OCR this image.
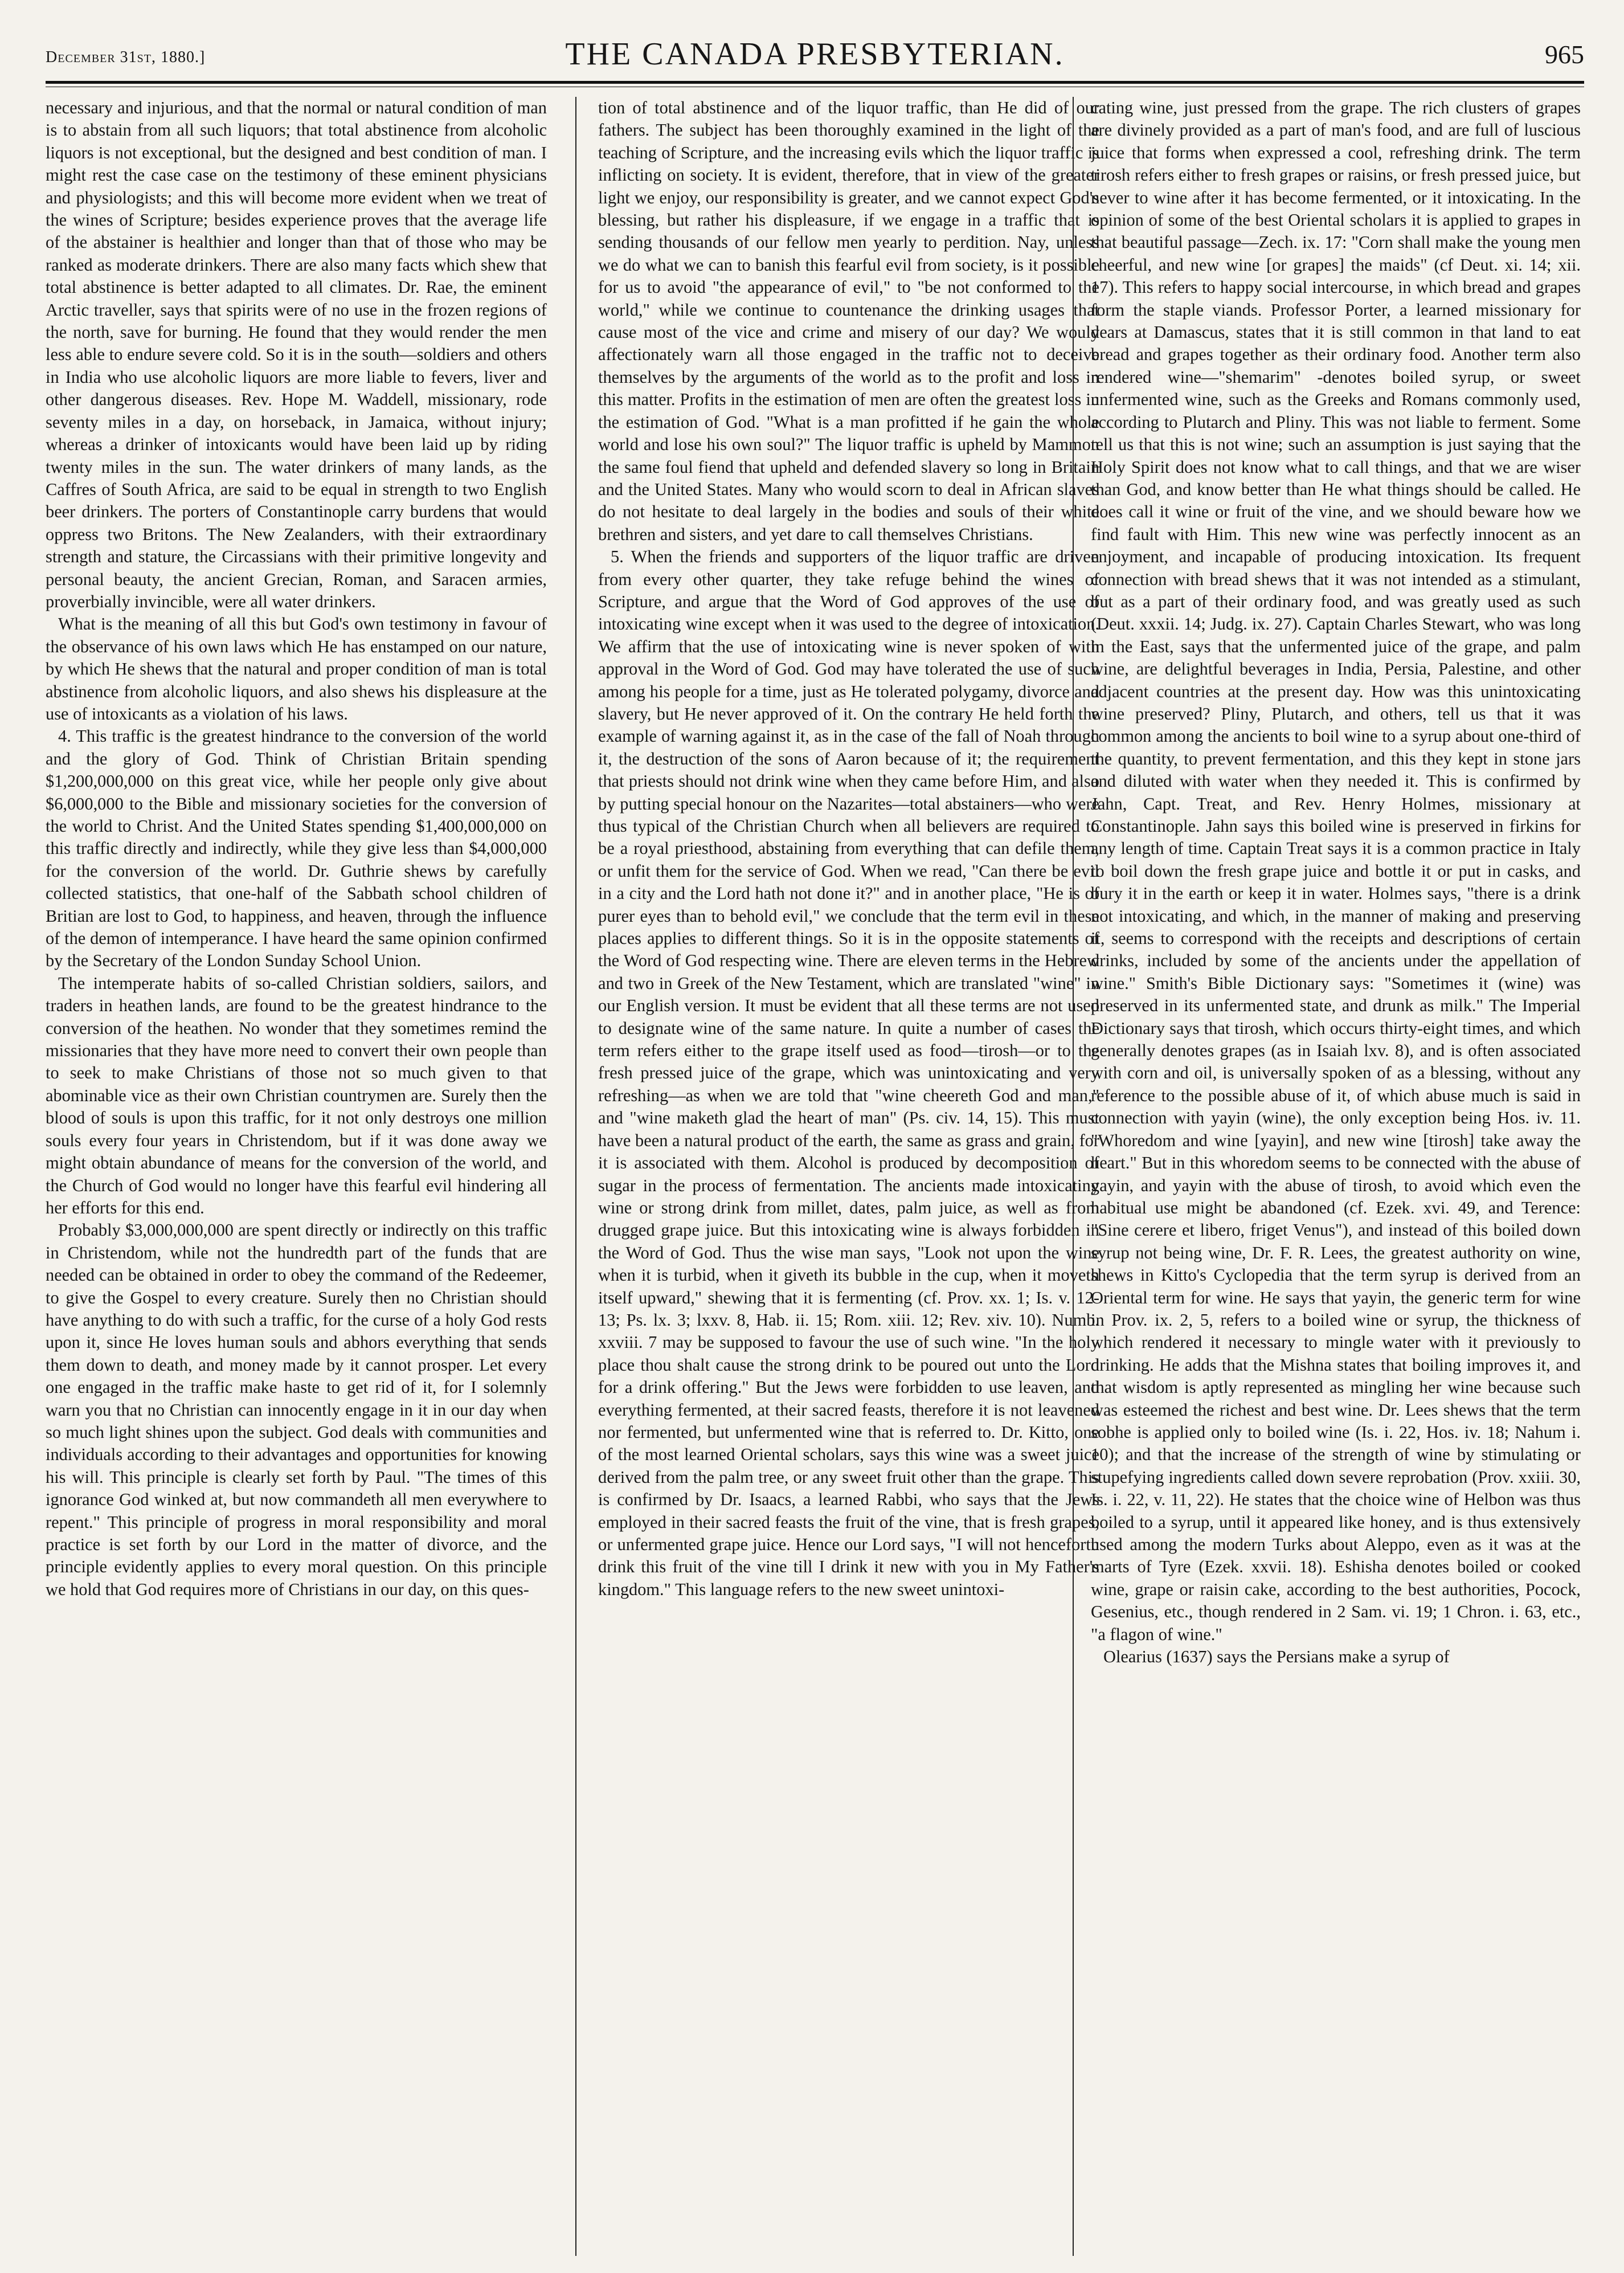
December 31st, 1880.]	THE CANADA PRESBYTERIAN.	965

necessary and injurious, and that the normal or natural condition of man is to abstain from all such liquors; that total abstinence from alcoholic liquors is not exceptional, but the designed and best condition of man. I might rest the case case on the testimony of these eminent physicians and physiologists; and this will become more evident when we treat of the wines of Scripture; besides experience proves that the average life of the abstainer is healthier and longer than that of those who may be ranked as moderate drinkers. There are also many facts which shew that total abstinence is better adapted to all climates. Dr. Rae, the eminent Arctic traveller, says that spirits were of no use in the frozen regions of the north, save for burning. He found that they would render the men less able to endure severe cold. So it is in the south—soldiers and others in India who use alcoholic liquors are more liable to fevers, liver and other dangerous diseases. Rev. Hope M. Waddell, missionary, rode seventy miles in a day, on horseback, in Jamaica, without injury; whereas a drinker of intoxicants would have been laid up by riding twenty miles in the sun. The water drinkers of many lands, as the Caffres of South Africa, are said to be equal in strength to two English beer drinkers. The porters of Constantinople carry burdens that would oppress two Britons. The New Zealanders, with their extraordinary strength and stature, the Circassians with their primitive longevity and personal beauty, the ancient Grecian, Roman, and Saracen armies, proverbially invincible, were all water drinkers.

What is the meaning of all this but God's own testimony in favour of the observance of his own laws which He has enstamped on our nature, by which He shews that the natural and proper condition of man is total abstinence from alcoholic liquors, and also shews his displeasure at the use of intoxicants as a violation of his laws.

4. This traffic is the greatest hindrance to the conversion of the world and the glory of God. Think of Christian Britain spending $1,200,000,000 on this great vice, while her people only give about $6,000,000 to the Bible and missionary societies for the conversion of the world to Christ. And the United States spending $1,400,000,000 on this traffic directly and indirectly, while they give less than $4,000,000 for the conversion of the world. Dr. Guthrie shews by carefully collected statistics, that one-half of the Sabbath school children of Britian are lost to God, to happiness, and heaven, through the influence of the demon of intemperance. I have heard the same opinion confirmed by the Secretary of the London Sunday School Union.

The intemperate habits of so-called Christian soldiers, sailors, and traders in heathen lands, are found to be the greatest hindrance to the conversion of the heathen. No wonder that they sometimes remind the missionaries that they have more need to convert their own people than to seek to make Christians of those not so much given to that abominable vice as their own Christian countrymen are. Surely then the blood of souls is upon this traffic, for it not only destroys one million souls every four years in Christendom, but if it was done away we might obtain abundance of means for the conversion of the world, and the Church of God would no longer have this fearful evil hindering all her efforts for this end.

Probably $3,000,000,000 are spent directly or indirectly on this traffic in Christendom, while not the hundredth part of the funds that are needed can be obtained in order to obey the command of the Redeemer, to give the Gospel to every creature. Surely then no Christian should have anything to do with such a traffic, for the curse of a holy God rests upon it, since He loves human souls and abhors everything that sends them down to death, and money made by it cannot prosper. Let every one engaged in the traffic make haste to get rid of it, for I solemnly warn you that no Christian can innocently engage in it in our day when so much light shines upon the subject. God deals with communities and individuals according to their advantages and opportunities for knowing his will. This principle is clearly set forth by Paul. "The times of this ignorance God winked at, but now commandeth all men everywhere to repent." This principle of progress in moral responsibility and moral practice is set forth by our Lord in the matter of divorce, and the principle evidently applies to every moral question. On this principle we hold that God requires more of Christians in our day, on this ques-

tion of total abstinence and of the liquor traffic, than He did of our fathers. The subject has been thoroughly examined in the light of the teaching of Scripture, and the increasing evils which the liquor traffic is inflicting on society. It is evident, therefore, that in view of the greater light we enjoy, our responsibility is greater, and we cannot expect God's blessing, but rather his displeasure, if we engage in a traffic that is sending thousands of our fellow men yearly to perdition. Nay, unless we do what we can to banish this fearful evil from society, is it possible for us to avoid "the appearance of evil," to "be not conformed to the world," while we continue to countenance the drinking usages that cause most of the vice and crime and misery of our day? We would affectionately warn all those engaged in the traffic not to deceive themselves by the arguments of the world as to the profit and loss in this matter. Profits in the estimation of men are often the greatest loss in the estimation of God. "What is a man profitted if he gain the whole world and lose his own soul?" The liquor traffic is upheld by Mammon the same foul fiend that upheld and defended slavery so long in Britain and the United States. Many who would scorn to deal in African slaves do not hesitate to deal largely in the bodies and souls of their white brethren and sisters, and yet dare to call themselves Christians.

5. When the friends and supporters of the liquor traffic are driven from every other quarter, they take refuge behind the wines of Scripture, and argue that the Word of God approves of the use of intoxicating wine except when it was used to the degree of intoxication. We affirm that the use of intoxicating wine is never spoken of with approval in the Word of God. God may have tolerated the use of such among his people for a time, just as He tolerated polygamy, divorce and slavery, but He never approved of it. On the contrary He held forth the example of warning against it, as in the case of the fall of Noah through it, the destruction of the sons of Aaron because of it; the requirement that priests should not drink wine when they came before Him, and also by putting special honour on the Nazarites—total abstainers—who were thus typical of the Christian Church when all believers are required to be a royal priesthood, abstaining from everything that can defile them, or unfit them for the service of God. When we read, "Can there be evil in a city and the Lord hath not done it?" and in another place, "He is of purer eyes than to behold evil," we conclude that the term evil in these places applies to different things. So it is in the opposite statements of the Word of God respecting wine. There are eleven terms in the Hebrew and two in Greek of the New Testament, which are translated "wine" in our English version. It must be evident that all these terms are not used to designate wine of the same nature. In quite a number of cases the term refers either to the grape itself used as food—tirosh—or to the fresh pressed juice of the grape, which was unintoxicating and very refreshing—as when we are told that "wine cheereth God and man," and "wine maketh glad the heart of man" (Ps. civ. 14, 15). This must have been a natural product of the earth, the same as grass and grain, for it is associated with them. Alcohol is produced by decomposition of sugar in the process of fermentation. The ancients made intoxicating wine or strong drink from millet, dates, palm juice, as well as from drugged grape juice. But this intoxicating wine is always forbidden in the Word of God. Thus the wise man says, "Look not upon the wine when it is turbid, when it giveth its bubble in the cup, when it moveth itself upward," shewing that it is fermenting (cf. Prov. xx. 1; Is. v. 12-13; Ps. lx. 3; lxxv. 8, Hab. ii. 15; Rom. xiii. 12; Rev. xiv. 10). Numb. xxviii. 7 may be supposed to favour the use of such wine. "In the holy place thou shalt cause the strong drink to be poured out unto the Lord for a drink offering." But the Jews were forbidden to use leaven, and everything fermented, at their sacred feasts, therefore it is not leavened nor fermented, but unfermented wine that is referred to. Dr. Kitto, one of the most learned Oriental scholars, says this wine was a sweet juice derived from the palm tree, or any sweet fruit other than the grape. This is confirmed by Dr. Isaacs, a learned Rabbi, who says that the Jews employed in their sacred feasts the fruit of the vine, that is fresh grapes, or unfermented grape juice. Hence our Lord says, "I will not henceforth drink this fruit of the vine till I drink it new with you in My Father's kingdom." This language refers to the new sweet unintoxi-

cating wine, just pressed from the grape. The rich clusters of grapes are divinely provided as a part of man's food, and are full of luscious juice that forms when expressed a cool, refreshing drink. The term tirosh refers either to fresh grapes or raisins, or fresh pressed juice, but never to wine after it has become fermented, or it intoxicating. In the opinion of some of the best Oriental scholars it is applied to grapes in that beautiful passage—Zech. ix. 17: "Corn shall make the young men cheerful, and new wine [or grapes] the maids" (cf Deut. xi. 14; xii. 17). This refers to happy social intercourse, in which bread and grapes form the staple viands. Professor Porter, a learned missionary for years at Damascus, states that it is still common in that land to eat bread and grapes together as their ordinary food. Another term also rendered wine—"shemarim" -denotes boiled syrup, or sweet unfermented wine, such as the Greeks and Romans commonly used, according to Plutarch and Pliny. This was not liable to ferment. Some tell us that this is not wine; such an assumption is just saying that the Holy Spirit does not know what to call things, and that we are wiser than God, and know better than He what things should be called. He does call it wine or fruit of the vine, and we should beware how we find fault with Him. This new wine was perfectly innocent as an enjoyment, and incapable of producing intoxication. Its frequent connection with bread shews that it was not intended as a stimulant, but as a part of their ordinary food, and was greatly used as such (Deut. xxxii. 14; Judg. ix. 27). Captain Charles Stewart, who was long in the East, says that the unfermented juice of the grape, and palm wine, are delightful beverages in India, Persia, Palestine, and other adjacent countries at the present day. How was this unintoxicating wine preserved? Pliny, Plutarch, and others, tell us that it was common among the ancients to boil wine to a syrup about one-third of the quantity, to prevent fermentation, and this they kept in stone jars and diluted with water when they needed it. This is confirmed by Jahn, Capt. Treat, and Rev. Henry Holmes, missionary at Constantinople. Jahn says this boiled wine is preserved in firkins for any length of time. Captain Treat says it is a common practice in Italy to boil down the fresh grape juice and bottle it or put in casks, and bury it in the earth or keep it in water. Holmes says, "there is a drink not intoxicating, and which, in the manner of making and preserving it, seems to correspond with the receipts and descriptions of certain drinks, included by some of the ancients under the appellation of wine." Smith's Bible Dictionary says: "Sometimes it (wine) was preserved in its unfermented state, and drunk as milk." The Imperial Dictionary says that tirosh, which occurs thirty-eight times, and which generally denotes grapes (as in Isaiah lxv. 8), and is often associated with corn and oil, is universally spoken of as a blessing, without any reference to the possible abuse of it, of which abuse much is said in connection with yayin (wine), the only exception being Hos. iv. 11. "Whoredom and wine [yayin], and new wine [tirosh] take away the heart." But in this whoredom seems to be connected with the abuse of yayin, and yayin with the abuse of tirosh, to avoid which even the habitual use might be abandoned (cf. Ezek. xvi. 49, and Terence: "Sine cerere et libero, friget Venus"), and instead of this boiled down syrup not being wine, Dr. F. R. Lees, the greatest authority on wine, shews in Kitto's Cyclopedia that the term syrup is derived from an Oriental term for wine. He says that yayin, the generic term for wine in Prov. ix. 2, 5, refers to a boiled wine or syrup, the thickness of which rendered it necessary to mingle water with it previously to drinking. He adds that the Mishna states that boiling improves it, and that wisdom is aptly represented as mingling her wine because such was esteemed the richest and best wine. Dr. Lees shews that the term sobhe is applied only to boiled wine (Is. i. 22, Hos. iv. 18; Nahum i. 10); and that the increase of the strength of wine by stimulating or stupefying ingredients called down severe reprobation (Prov. xxiii. 30, Is. i. 22, v. 11, 22). He states that the choice wine of Helbon was thus boiled to a syrup, until it appeared like honey, and is thus extensively used among the modern Turks about Aleppo, even as it was at the marts of Tyre (Ezek. xxvii. 18). Eshisha denotes boiled or cooked wine, grape or raisin cake, according to the best authorities, Pocock, Gesenius, etc., though rendered in 2 Sam. vi. 19; 1 Chron. i. 63, etc., "a flagon of wine."

Olearius (1637) says the Persians make a syrup of
